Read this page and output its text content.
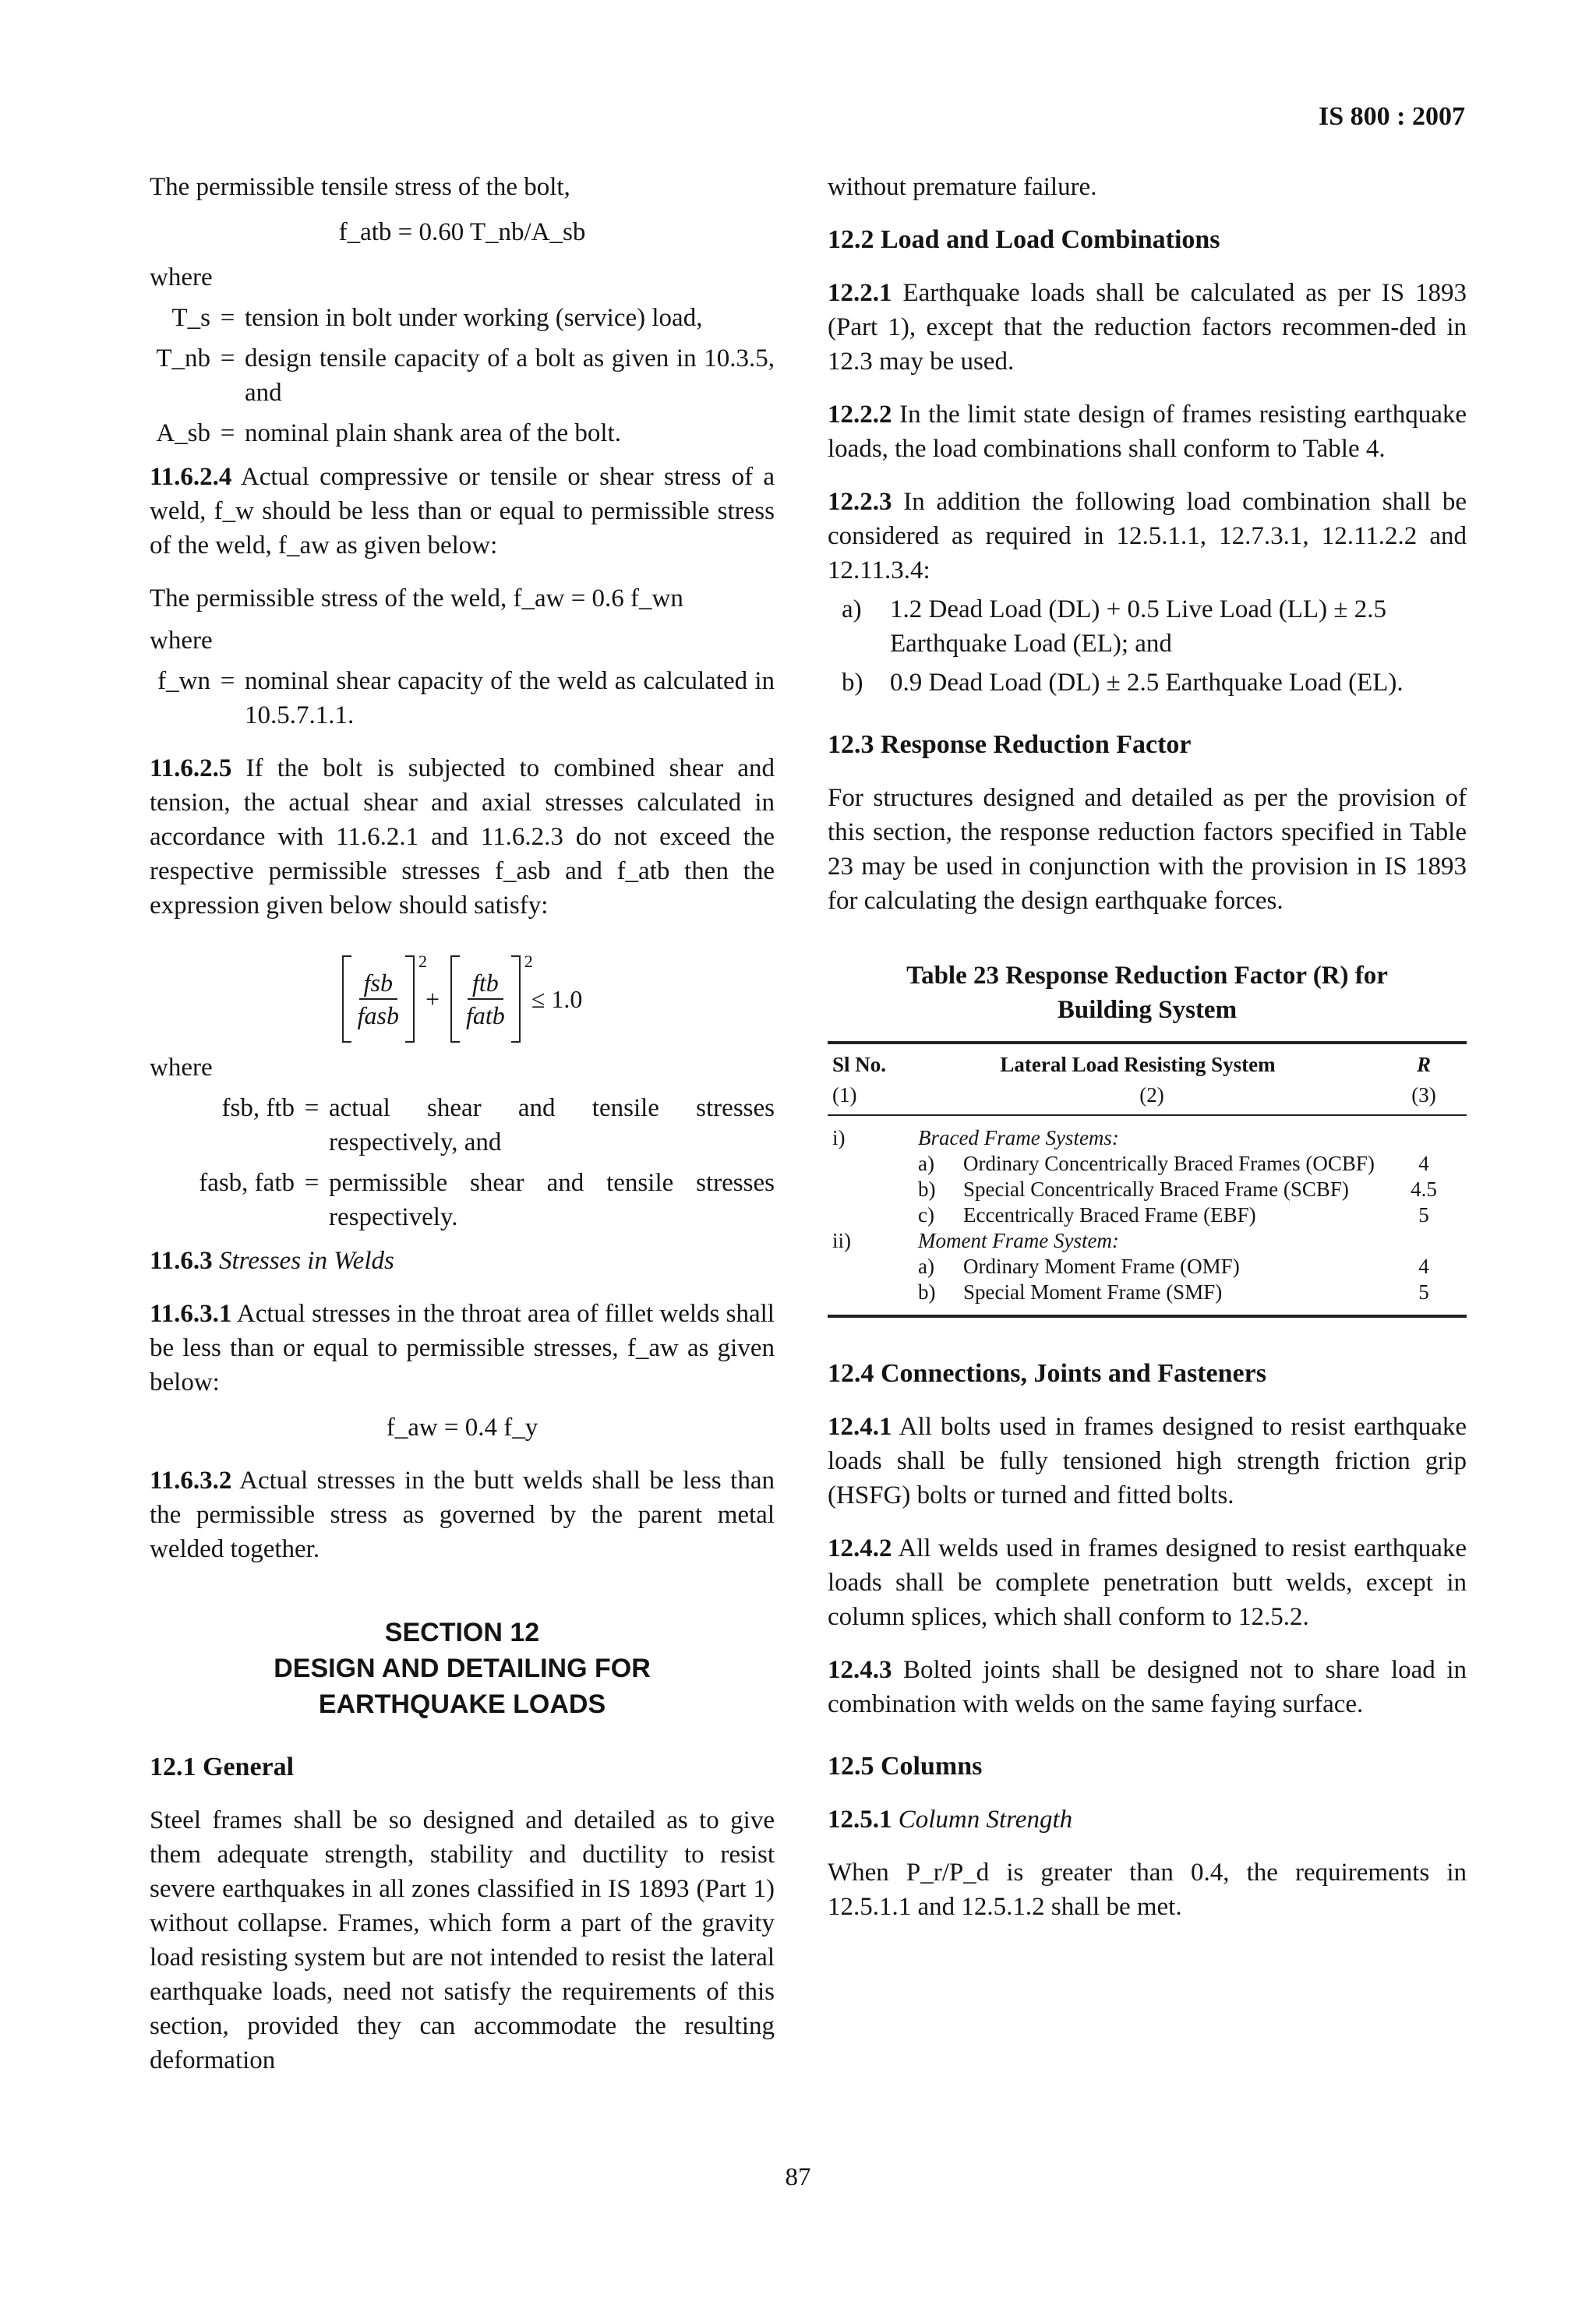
IS 800 : 2007

The permissible tensile stress of the bolt,

f_atb = 0.60 T_nb/A_sb
where
T_s = tension in bolt under working (service) load,
T_nb = design tensile capacity of a bolt as given in 10.3.5, and
A_sb = nominal plain shank area of the bolt.

11.6.2.4 Actual compressive or tensile or shear stress of a weld, f_w should be less than or equal to permissible stress of the weld, f_aw as given below:

The permissible stress of the weld, f_aw = 0.6 f_wn

where
f_wn = nominal shear capacity of the weld as calculated in 10.5.7.1.1.

11.6.2.5 If the bolt is subjected to combined shear and tension, the actual shear and axial stresses calculated in accordance with 11.6.2.1 and 11.6.2.3 do not exceed the respective permissible stresses f_asb and f_atb then the expression given below should satisfy:

$\frac{\text{fsb}}{\text{fasb}}$
$^2$
+ $\frac{\text{ftb}}{\text{fatb}}$
$^2$
≤ 1.0
where
fsb, ftb = actual shear and tensile stresses respectively, and
fasb, fatb = permissible shear and tensile stresses respectively.

11.6.3 Stresses in Welds

11.6.3.1 Actual stresses in the throat area of fillet welds shall be less than or equal to permissible stresses, f_aw as given below:

f_aw = 0.4 f_y

11.6.3.2 Actual stresses in the butt welds shall be less than the permissible stress as governed by the parent metal welded together.

SECTION 12
DESIGN AND DETAILING FOR
EARTHQUAKE LOADS
12.1 General

Steel frames shall be so designed and detailed as to give them adequate strength, stability and ductility to resist severe earthquakes in all zones classified in IS 1893 (Part 1) without collapse. Frames, which form a part of the gravity load resisting system but are not intended to resist the lateral earthquake loads, need not satisfy the requirements of this section, provided they can accommodate the resulting deformation

without premature failure.

12.2 Load and Load Combinations

12.2.1 Earthquake loads shall be calculated as per IS 1893 (Part 1), except that the reduction factors recommen-ded in 12.3 may be used.

12.2.2 In the limit state design of frames resisting earthquake loads, the load combinations shall conform to Table 4.

12.2.3 In addition the following load combination shall be considered as required in 12.5.1.1, 12.7.3.1, 12.11.2.2 and 12.11.3.4:

a)	1.2 Dead Load (DL) + 0.5 Live Load (LL) ± 2.5 Earthquake Load (EL); and
b)	0.9 Dead Load (DL) ± 2.5 Earthquake Load (EL).
12.3 Response Reduction Factor

For structures designed and detailed as per the provision of this section, the response reduction factors specified in Table 23 may be used in conjunction with the provision in IS 1893 for calculating the design earthquake forces.

Table 23 Response Reduction Factor (R) for
Building System
Sl No.	Lateral Load Resisting System	R
(1)	(2)	(3)
i)	Braced Frame Systems:
a)	Ordinary Concentrically Braced Frames (OCBF)	4
b)	Special Concentrically Braced Frame (SCBF)	4.5
c)	Eccentrically Braced Frame (EBF)	5
ii)	Moment Frame System:
a)	Ordinary Moment Frame (OMF)	4
b)	Special Moment Frame (SMF)	5
12.4 Connections, Joints and Fasteners

12.4.1 All bolts used in frames designed to resist earthquake loads shall be fully tensioned high strength friction grip (HSFG) bolts or turned and fitted bolts.

12.4.2 All welds used in frames designed to resist earthquake loads shall be complete penetration butt welds, except in column splices, which shall conform to 12.5.2.

12.4.3 Bolted joints shall be designed not to share load in combination with welds on the same faying surface.

12.5 Columns

12.5.1 Column Strength

When P_r/P_d is greater than 0.4, the requirements in 12.5.1.1 and 12.5.1.2 shall be met.

87
